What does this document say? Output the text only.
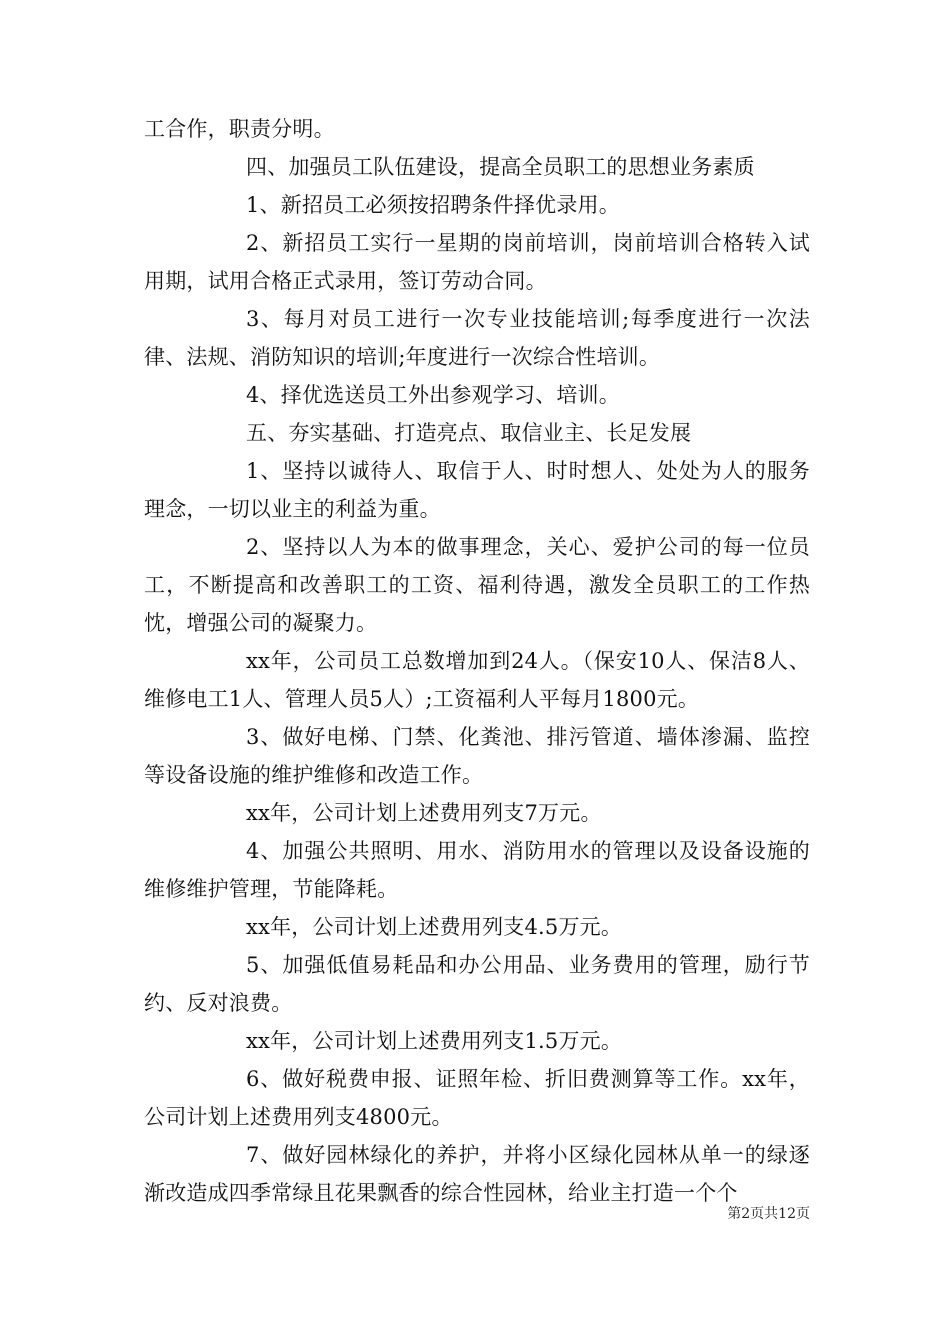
工合作，职责分明。

四、加强员工队伍建设，提高全员职工的思想业务素质

1、新招员工必须按招聘条件择优录用。

2、新招员工实行一星期的岗前培训，岗前培训合格转入试用期，试用合格正式录用，签订劳动合同。

3、每月对员工进行一次专业技能培训;每季度进行一次法律、法规、消防知识的培训;年度进行一次综合性培训。

4、择优选送员工外出参观学习、培训。

五、夯实基础、打造亮点、取信业主、长足发展

1、坚持以诚待人、取信于人、时时想人、处处为人的服务理念，一切以业主的利益为重。

2、坚持以人为本的做事理念，关心、爱护公司的每一位员工，不断提高和改善职工的工资、福利待遇，激发全员职工的工作热忱，增强公司的凝聚力。

xx年，公司员工总数增加到24人。（保安10人、保洁8人、维修电工1人、管理人员5人）;工资福利人平每月1800元。

3、做好电梯、门禁、化粪池、排污管道、墙体渗漏、监控等设备设施的维护维修和改造工作。

xx年，公司计划上述费用列支7万元。

4、加强公共照明、用水、消防用水的管理以及设备设施的维修维护管理，节能降耗。

xx年，公司计划上述费用列支4.5万元。

5、加强低值易耗品和办公用品、业务费用的管理，励行节约、反对浪费。

xx年，公司计划上述费用列支1.5万元。

6、做好税费申报、证照年检、折旧费测算等工作。xx年，公司计划上述费用列支4800元。

7、做好园林绿化的养护，并将小区绿化园林从单一的绿逐渐改造成四季常绿且花果飘香的综合性园林，给业主打造一个个

第2页共12页
